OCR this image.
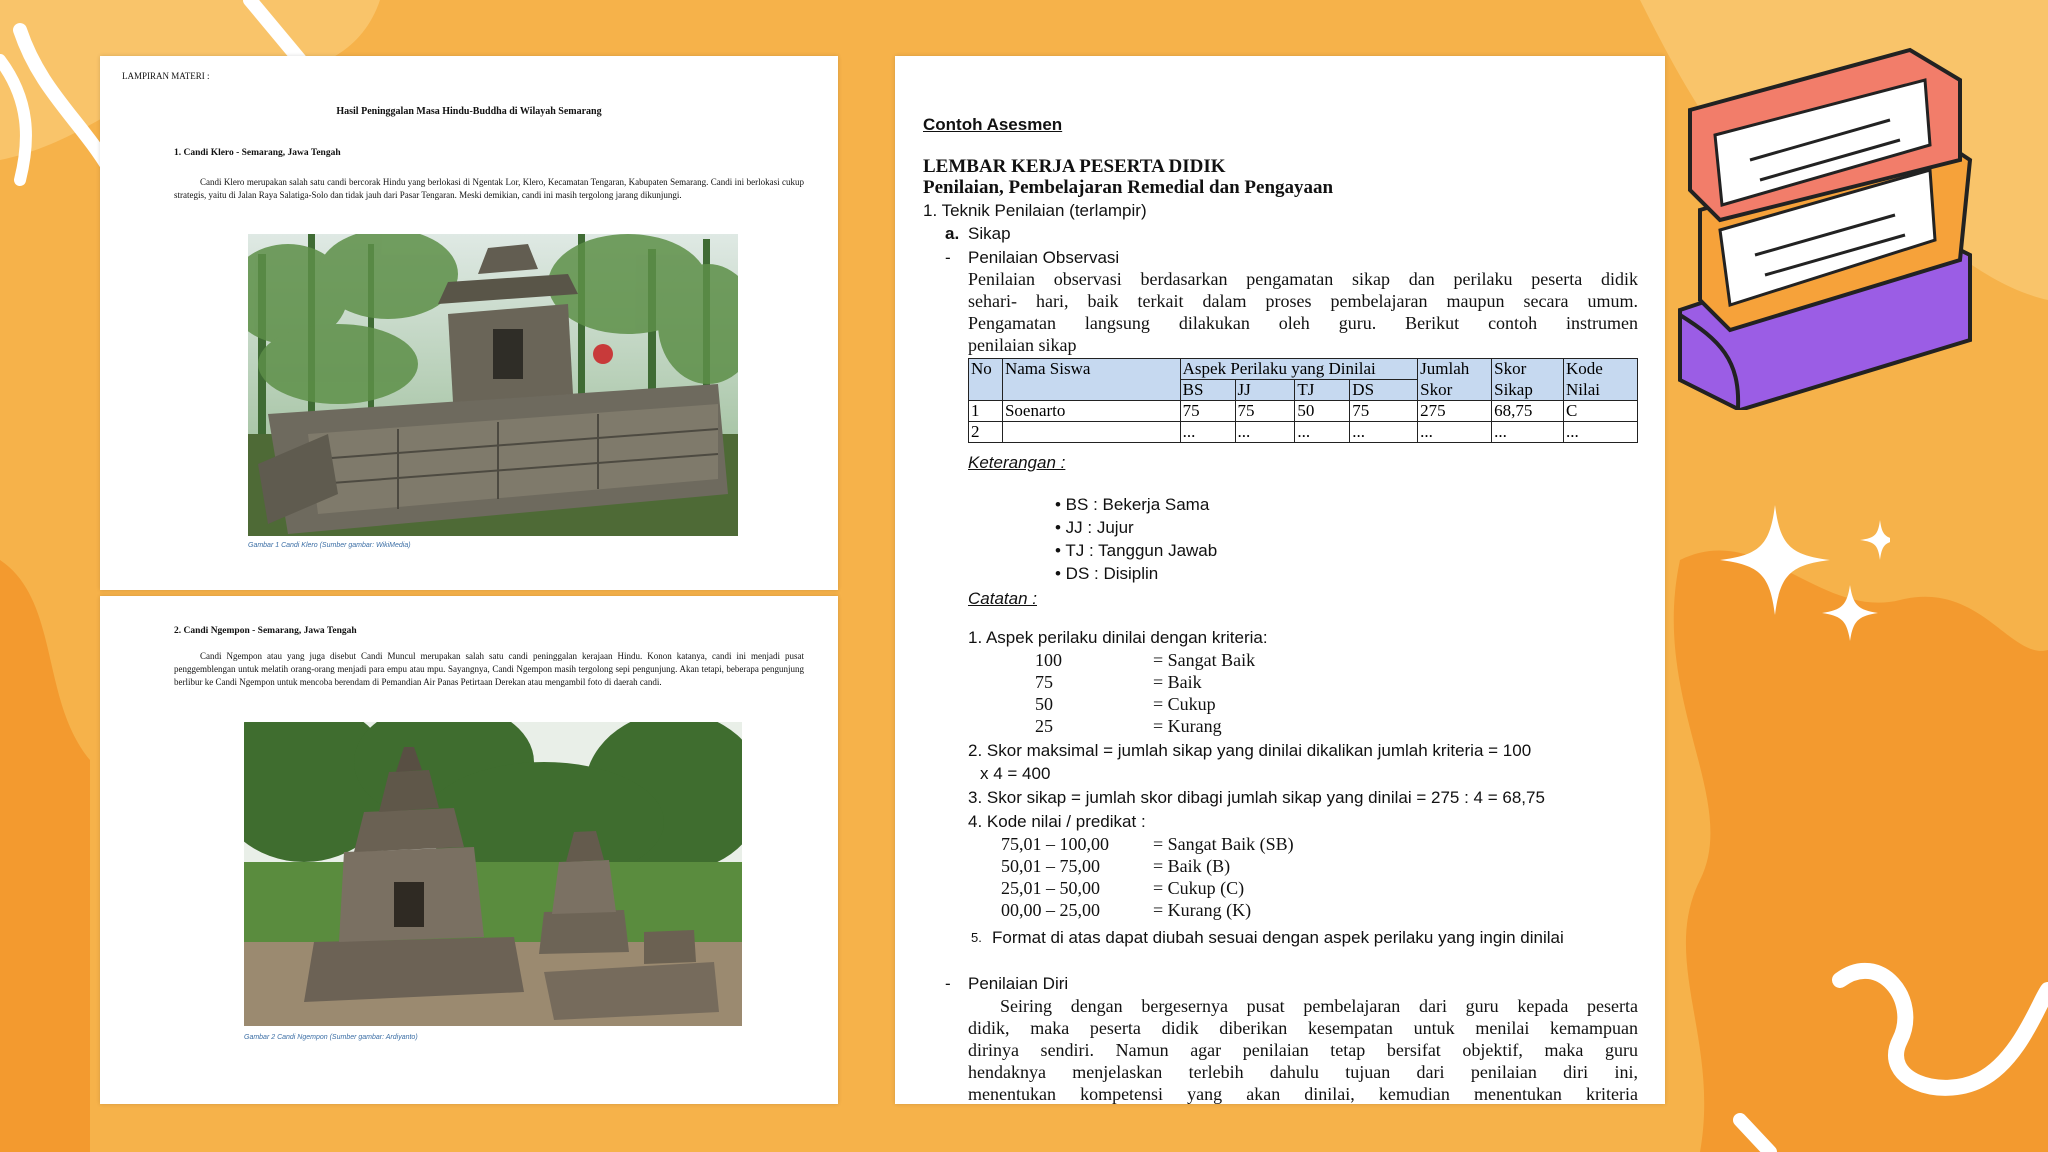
LAMPIRAN MATERI :
Hasil Peninggalan Masa Hindu-Buddha di Wilayah Semarang
1. Candi Klero - Semarang, Jawa Tengah
Candi Klero merupakan salah satu candi bercorak Hindu yang berlokasi di Ngentak Lor, Klero, Kecamatan Tengaran, Kabupaten Semarang. Candi ini berlokasi cukup strategis, yaitu di Jalan Raya Salatiga-Solo dan tidak jauh dari Pasar Tengaran. Meski demikian, candi ini masih tergolong jarang dikunjungi.
Gambar 1 Candi Klero (Sumber gambar: WikiMedia)
2. Candi Ngempon - Semarang, Jawa Tengah
Candi Ngempon atau yang juga disebut Candi Muncul merupakan salah satu candi peninggalan kerajaan Hindu. Konon katanya, candi ini menjadi pusat penggemblengan untuk melatih orang-orang menjadi para empu atau mpu. Sayangnya, Candi Ngempon masih tergolong sepi pengunjung. Akan tetapi, beberapa pengunjung berlibur ke Candi Ngempon untuk mencoba berendam di Pemandian Air Panas Petirtaan Derekan atau mengambil foto di daerah candi.
Gambar 2 Candi Ngempon (Sumber gambar: Ardiyanto)
Contoh Asesmen
LEMBAR KERJA PESERTA DIDIK
Penilaian, Pembelajaran Remedial dan Pengayaan
1. Teknik Penilaian (terlampir)
a. Sikap
- Penilaian Observasi
Penilaian observasi berdasarkan pengamatan sikap dan perilaku peserta didik
sehari- hari, baik terkait dalam proses pembelajaran maupun secara umum.
Pengamatan langsung dilakukan oleh guru. Berikut contoh instrumen
penilaian sikap
No	Nama Siswa	Aspek Perilaku yang Dinilai				Jumlah	Skor	Kode
		BS	JJ	TJ	DS	Skor	Sikap	Nilai
1	Soenarto	75	75	50	75	275	68,75	C
2		...	...	...	...	...	...	...
Keterangan :
• BS : Bekerja Sama
• JJ : Jujur
• TJ : Tanggun Jawab
• DS : Disiplin
Catatan :
1. Aspek perilaku dinilai dengan kriteria:
100	= Sangat Baik
75	= Baik
50	= Cukup
25	= Kurang
2. Skor maksimal = jumlah sikap yang dinilai dikalikan jumlah kriteria = 100
x 4 = 400
3. Skor sikap = jumlah skor dibagi jumlah sikap yang dinilai = 275 : 4 = 68,75
4. Kode nilai / predikat :
75,01 – 100,00 = Sangat Baik (SB)
50,01 – 75,00	= Baik (B)
25,01 – 50,00	= Cukup (C)
00,00 – 25,00	= Kurang (K)
5. Format di atas dapat diubah sesuai dengan aspek perilaku yang ingin dinilai
- Penilaian Diri
Seiring dengan bergesernya pusat pembelajaran dari guru kepada peserta
didik, maka peserta didik diberikan kesempatan untuk menilai kemampuan
dirinya sendiri. Namun agar penilaian tetap bersifat objektif, maka guru
hendaknya menjelaskan terlebih dahulu tujuan dari penilaian diri ini,
menentukan kompetensi yang akan dinilai, kemudian menentukan kriteria
